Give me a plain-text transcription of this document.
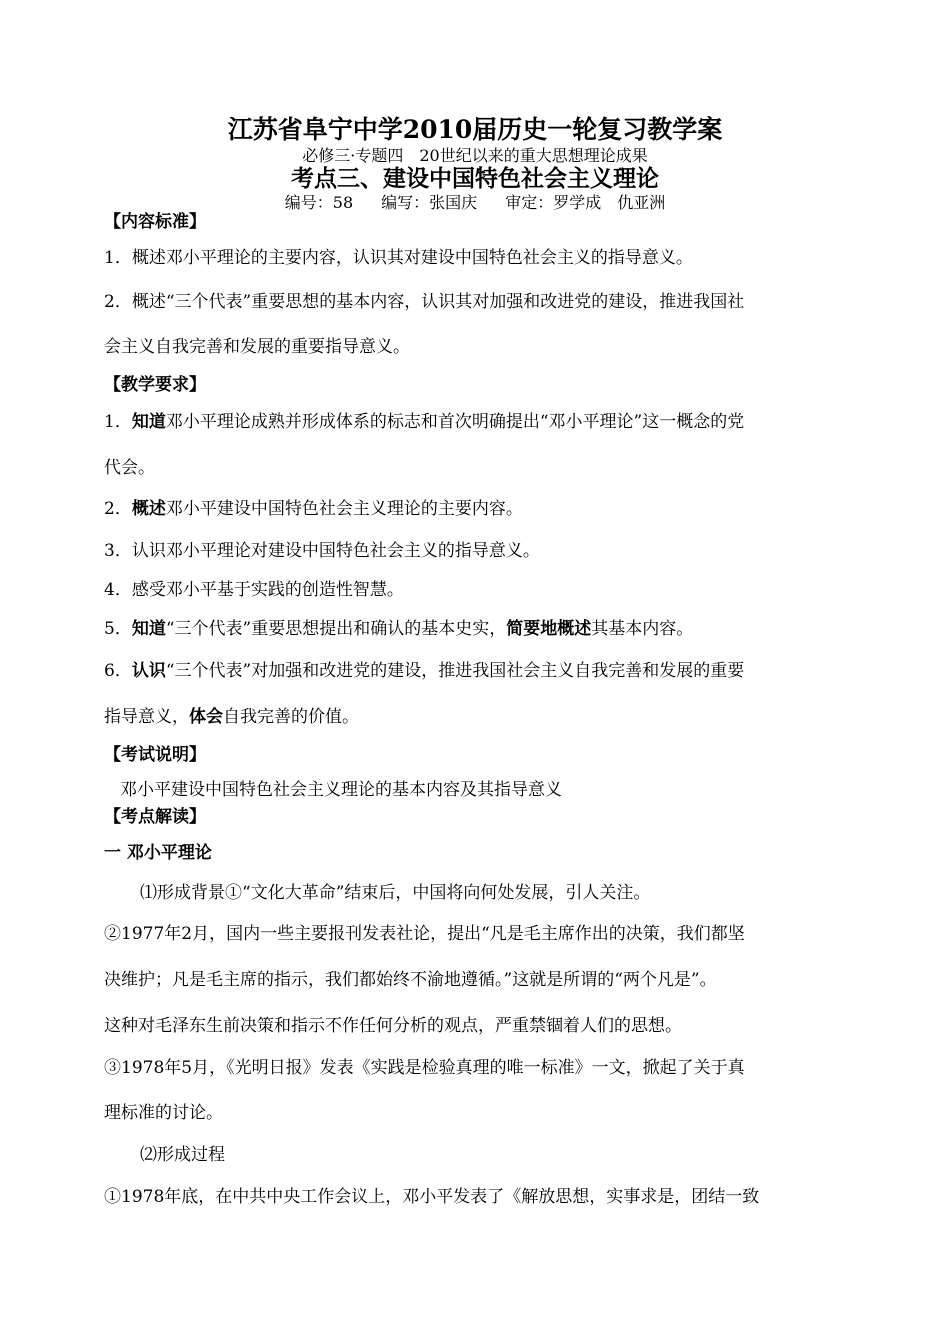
江苏省阜宁中学2010届历史一轮复习教学案
必修三·专题四　20世纪以来的重大思想理论成果
考点三、建设中国特色社会主义理论
编号：58 编写：张国庆 审定：罗学成　仇亚洲
【内容标准】
1．概述邓小平理论的主要内容，认识其对建设中国特色社会主义的指导意义。
2．概述“三个代表”重要思想的基本内容，认识其对加强和改进党的建设，推进我国社
会主义自我完善和发展的重要指导意义。
【教学要求】
1．知道邓小平理论成熟并形成体系的标志和首次明确提出“邓小平理论”这一概念的党
代会。
2．概述邓小平建设中国特色社会主义理论的主要内容。
3．认识邓小平理论对建设中国特色社会主义的指导意义。
4．感受邓小平基于实践的创造性智慧。
5．知道“三个代表”重要思想提出和确认的基本史实，简要地概述其基本内容。
6．认识“三个代表”对加强和改进党的建设，推进我国社会主义自我完善和发展的重要
指导意义，体会自我完善的价值。
【考试说明】
邓小平建设中国特色社会主义理论的基本内容及其指导意义
【考点解读】
一 邓小平理论
⑴形成背景①“文化大革命”结束后，中国将向何处发展，引人关注。
②1977年2月，国内一些主要报刊发表社论，提出“凡是毛主席作出的决策，我们都坚
决维护；凡是毛主席的指示，我们都始终不渝地遵循。”这就是所谓的“两个凡是”。
这种对毛泽东生前决策和指示不作任何分析的观点，严重禁锢着人们的思想。
③1978年5月，《光明日报》发表《实践是检验真理的唯一标准》一文，掀起了关于真
理标准的讨论。
⑵形成过程
①1978年底，在中共中央工作会议上，邓小平发表了《解放思想，实事求是，团结一致
